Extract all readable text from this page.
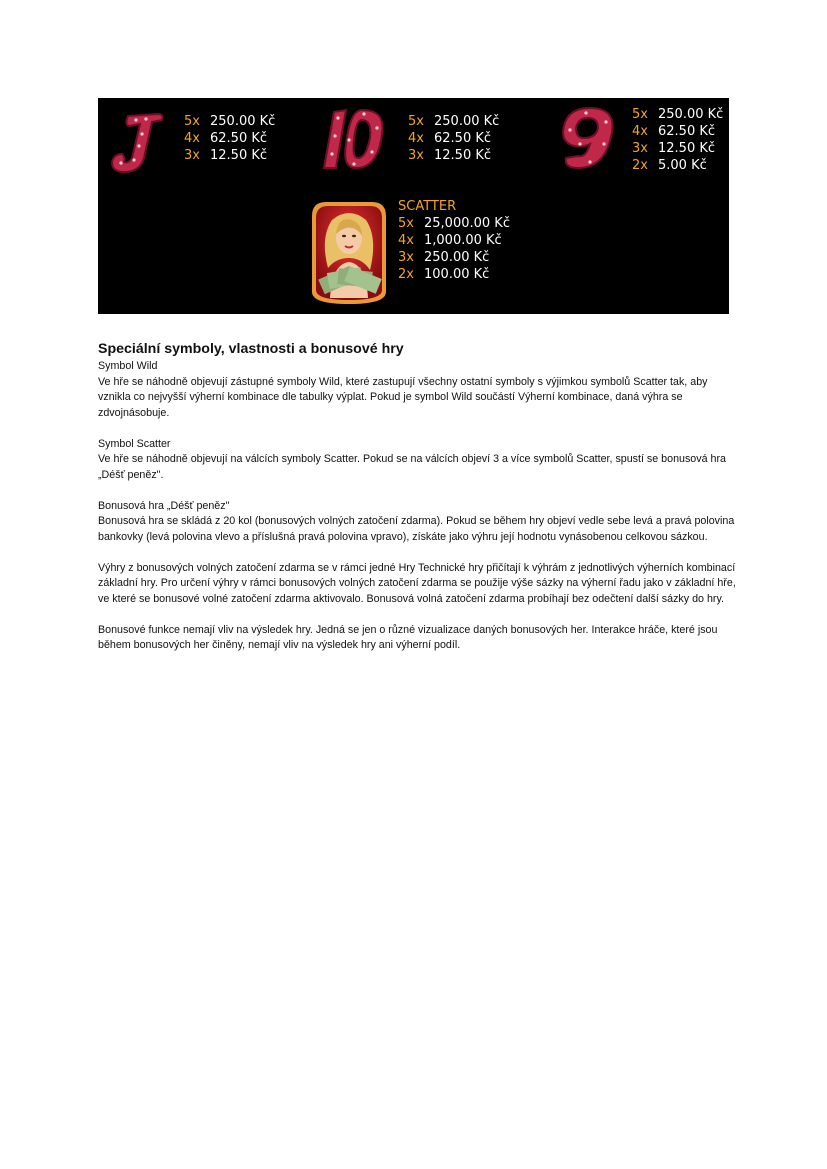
5x 250.00 Kč
4x 62.50 Kč
3x 12.50 Kč
5x 250.00 Kč
4x 62.50 Kč
3x 12.50 Kč
5x 250.00 Kč
4x 62.50 Kč
3x 12.50 Kč
2x 5.00 Kč
SCATTER
5x 25,000.00 Kč
4x 1,000.00 Kč
3x 250.00 Kč
2x 100.00 Kč
Speciální symboly, vlastnosti a bonusové hry

Symbol Wild

Ve hře se náhodně objevují zástupné symboly Wild, které zastupují všechny ostatní symboly s výjimkou symbolů Scatter tak, aby vznikla co nejvyšší výherní kombinace dle tabulky výplat. Pokud je symbol Wild součástí Výherní kombinace, daná výhra se zdvojnásobuje.

Symbol Scatter

Ve hře se náhodně objevují na válcích symboly Scatter. Pokud se na válcích objeví 3 a více symbolů Scatter, spustí se bonusová hra „Déšť peněz".

Bonusová hra „Déšť peněz"

Bonusová hra se skládá z 20 kol (bonusových volných zatočení zdarma). Pokud se během hry objeví vedle sebe levá a pravá polovina bankovky (levá polovina vlevo a příslušná pravá polovina vpravo), získáte jako výhru její hodnotu vynásobenou celkovou sázkou.

Výhry z bonusových volných zatočení zdarma se v rámci jedné Hry Technické hry přičítají k výhrám z jednotlivých výherních kombinací základní hry. Pro určení výhry v rámci bonusových volných zatočení zdarma se použije výše sázky na výherní řadu jako v základní hře, ve které se bonusové volné zatočení zdarma aktivovalo. Bonusová volná zatočení zdarma probíhají bez odečtení další sázky do hry.

Bonusové funkce nemají vliv na výsledek hry. Jedná se jen o různé vizualizace daných bonusových her. Interakce hráče, které jsou během bonusových her činěny, nemají vliv na výsledek hry ani výherní podíl.
